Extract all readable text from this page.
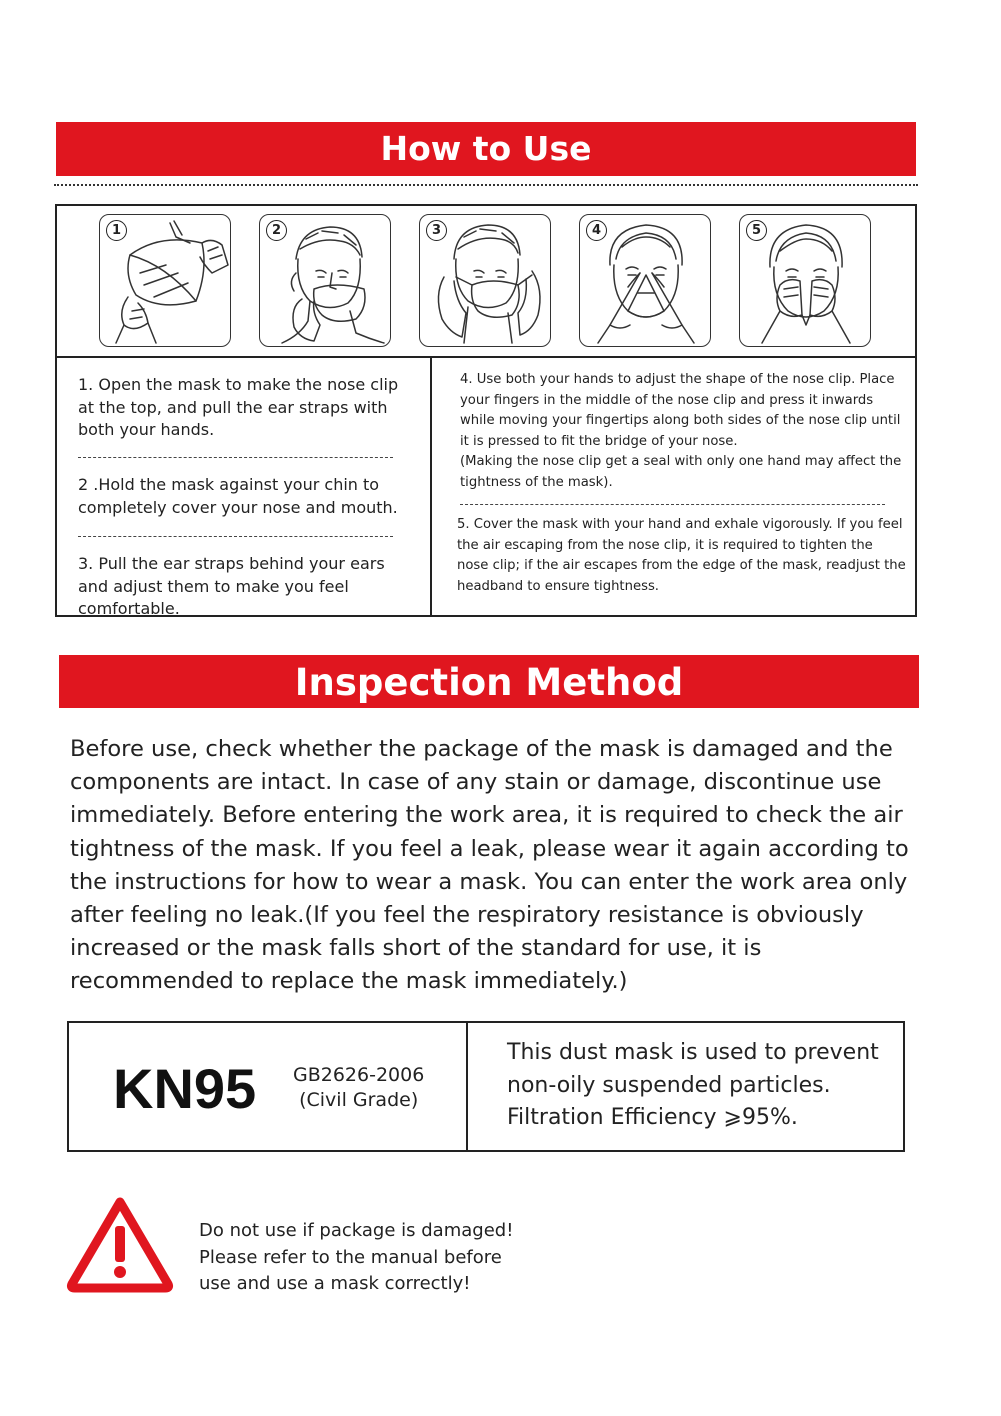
How to Use
1	2	3	4	5
1. Open the mask to make the nose clip at the top, and pull the ear straps with both your hands.
2 .Hold the mask against your chin to completely cover your nose and mouth.
3. Pull the ear straps behind your ears and adjust them to make you feel comfortable.
4. Use both your hands to adjust the shape of the nose clip. Place your fingers in the middle of the nose clip and press it inwards while moving your fingertips along both sides of the nose clip until it is pressed to fit the bridge of your nose.
(Making the nose clip get a seal with only one hand may affect the tightness of the mask).
5. Cover the mask with your hand and exhale vigorously. If you feel the air escaping from the nose clip, it is required to tighten the nose clip; if the air escapes from the edge of the mask, readjust the headband to ensure tightness.
Inspection Method
Before use, check whether the package of the mask is damaged and the components are intact. In case of any stain or damage, discontinue use immediately. Before entering the work area, it is required to check the air tightness of the mask. If you feel a leak, please wear it again according to the instructions for how to wear a mask. You can enter the work area only after feeling no leak.(If you feel the respiratory resistance is obviously increased or the mask falls short of the standard for use, it is recommended to replace the mask immediately.)
KN95 GB2626-2006
(Civil Grade)
This dust mask is used to prevent
non-oily suspended particles.
Filtration Efficiency ⩾95%.
Do not use if package is damaged!
Please refer to the manual before
use and use a mask correctly!
